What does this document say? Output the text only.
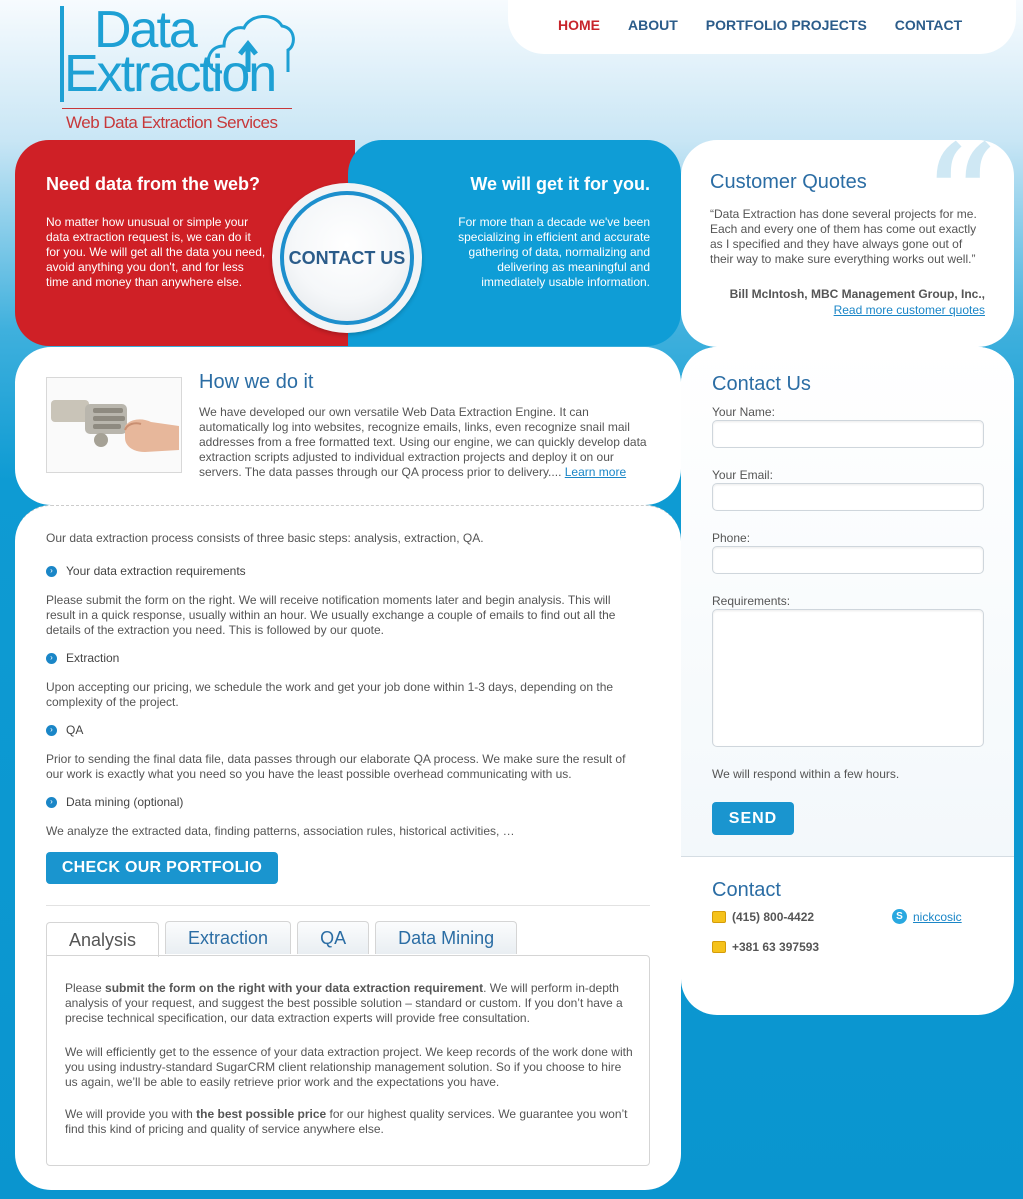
Data
Extraction
Web Data Extraction Services
HOME ABOUT PORTFOLIO PROJECTS CONTACT
Need data from the web?

No matter how unusual or simple your data extraction request is, we can do it for you. We will get all the data you need, avoid anything you don't, and for less time and money than anywhere else.

We will get it for you.

For more than a decade we've been specializing in efficient and accurate gathering of data, normalizing and delivering as meaningful and immediately usable information.

CONTACT US	“
Customer Quotes

“Data Extraction has done several projects for me. Each and every one of them has come out exactly as I specified and they have always gone out of their way to make sure everything works out well.”

Bill McIntosh, MBC Management Group, Inc.,
Read more customer quotes
How we do it

We have developed our own versatile Web Data Extraction Engine. It can automatically log into websites, recognize emails, links, even recognize snail mail addresses from a free formatted text. Using our engine, we can quickly develop data extraction scripts adjusted to individual extraction projects and deploy it on our servers. The data passes through our QA process prior to delivery.... Learn more

Our data extraction process consists of three basic steps: analysis, extraction, QA.
›	Your data extraction requirements
Please submit the form on the right. We will receive notification moments later and begin analysis. This will result in a quick response, usually within an hour. We usually exchange a couple of emails to find out all the details of the extraction you need. This is followed by our quote.
›	Extraction
Upon accepting our pricing, we schedule the work and get your job done within 1-3 days, depending on the complexity of the project.
›	QA
Prior to sending the final data file, data passes through our elaborate QA process. We make sure the result of our work is exactly what you need so you have the least possible overhead communicating with us.
›	Data mining (optional)
We analyze the extracted data, finding patterns, association rules, historical activities, …
CHECK OUR PORTFOLIO
Analysis	Extraction	QA	Data Mining

Please submit the form on the right with your data extraction requirement. We will perform in-depth analysis of your request, and suggest the best possible solution – standard or custom. If you don’t have a precise technical specification, our data extraction experts will provide free consultation.

We will efficiently get to the essence of your data extraction project. We keep records of the work done with you using industry-standard SugarCRM client relationship management solution. So if you choose to hire us again, we’ll be able to easily retrieve prior work and the expectations you have.

We will provide you with the best possible price for our highest quality services. We guarantee you won’t find this kind of pricing and quality of service anywhere else.

Contact Us
Your Name:
Your Email:
Phone:
Requirements:
We will respond within a few hours.
SEND
Contact
(415) 800-4422
+381 63 397593
S nickcosic
